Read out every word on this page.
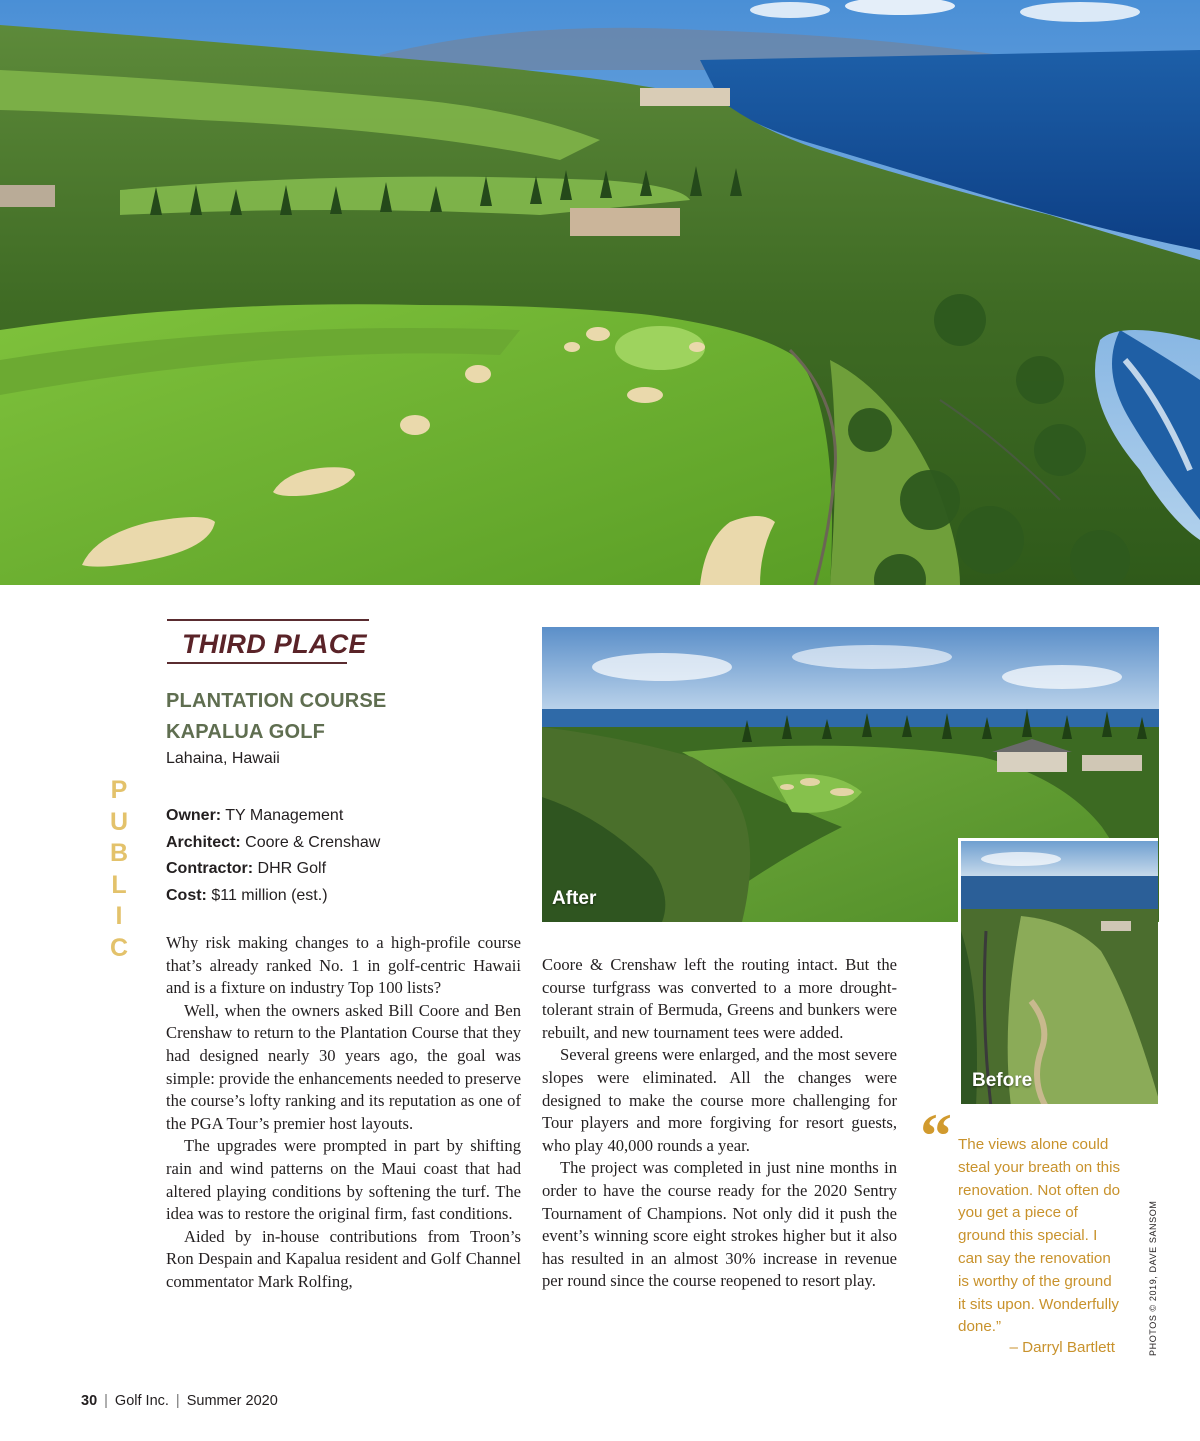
THIRD PLACE
PLANTATION COURSE
KAPALUA GOLF
Lahaina, Hawaii
P
U
B
L
I
C
Owner: TY Management
Architect: Coore & Crenshaw
Contractor: DHR Golf
Cost: $11 million (est.)

Why risk making changes to a high-profile course that’s already ranked No. 1 in golf-centric Hawaii and is a fixture on industry Top 100 lists?

Well, when the owners asked Bill Coore and Ben Crenshaw to return to the Plantation Course that they had designed nearly 30 years ago, the goal was simple: provide the enhancements needed to preserve the course’s lofty ranking and its reputation as one of the PGA Tour’s premier host layouts.

The upgrades were prompted in part by shifting rain and wind patterns on the Maui coast that had altered playing conditions by softening the turf. The idea was to restore the original firm, fast conditions.

Aided by in-house contributions from Troon’s Ron Despain and Kapalua resident and Golf Channel commentator Mark Rolfing,

Coore & Crenshaw left the routing intact. But the course turfgrass was converted to a more drought-tolerant strain of Bermuda, Greens and bunkers were rebuilt, and new tournament tees were added.

Several greens were enlarged, and the most severe slopes were eliminated. All the changes were designed to make the course more challenging for Tour players and more forgiving for resort guests, who play 40,000 rounds a year.

The project was completed in just nine months in order to have the course ready for the 2020 Sentry Tournament of Champions. Not only did it push the event’s winning score eight strokes higher but it also has resulted in an almost 30% increase in revenue per round since the course reopened to resort play.

After
Before
“ The views alone could steal your breath on this renovation. Not often do you get a piece of ground this special. I can say the renovation is worthy of the ground it sits upon. Wonderfully done.”
– Darryl Bartlett	PHOTOS © 2019, DAVE SANSOM
30 | Golf Inc. | Summer 2020
